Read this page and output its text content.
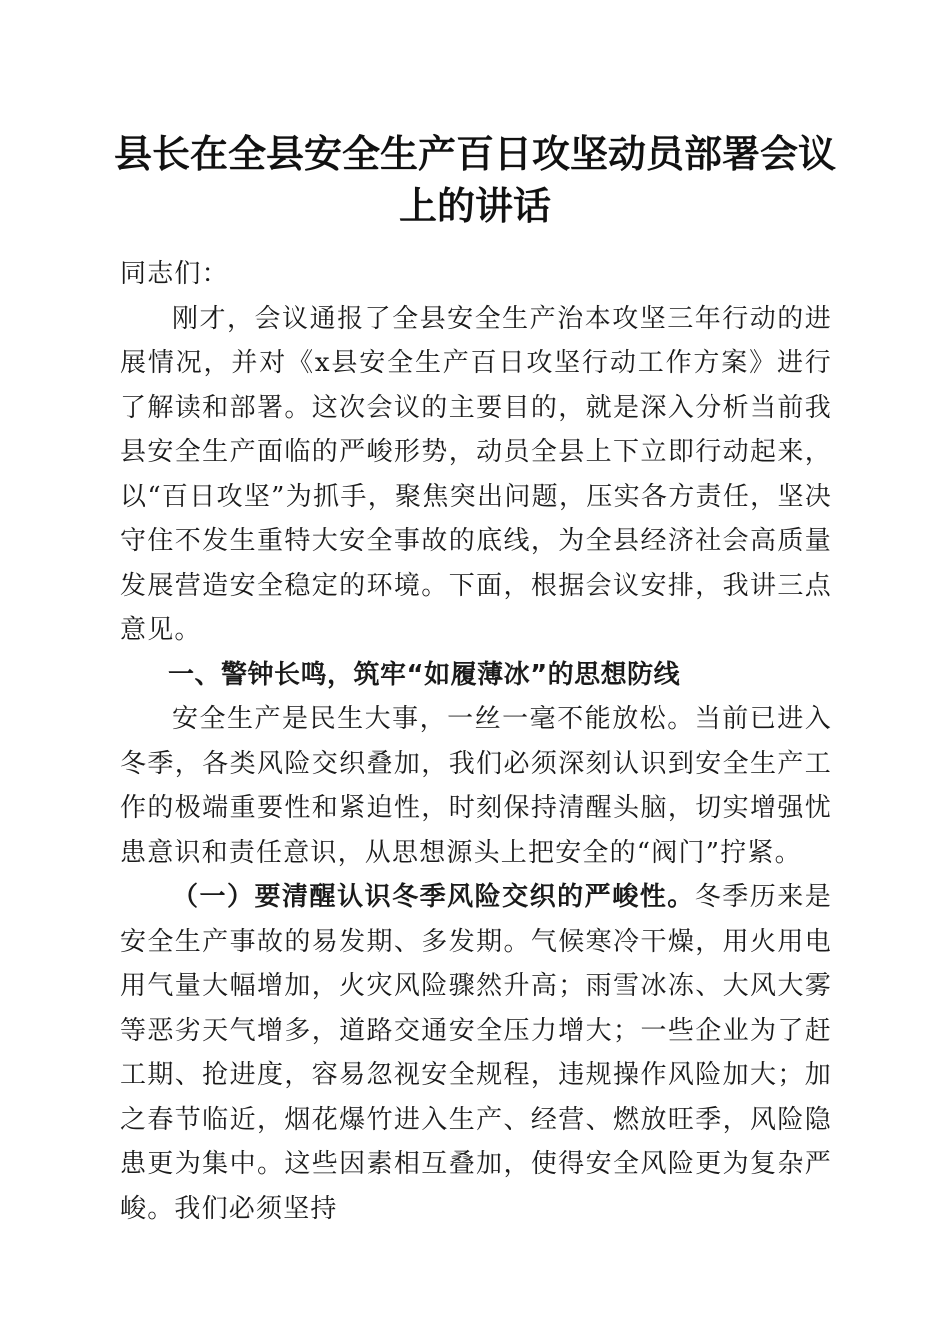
县长在全县安全生产百日攻坚动员部署会议上的讲话

同志们：

刚才，会议通报了全县安全生产治本攻坚三年行动的进展情况，并对《x县安全生产百日攻坚行动工作方案》进行了解读和部署。这次会议的主要目的，就是深入分析当前我县安全生产面临的严峻形势，动员全县上下立即行动起来，以“百日攻坚”为抓手，聚焦突出问题，压实各方责任，坚决守住不发生重特大安全事故的底线，为全县经济社会高质量发展营造安全稳定的环境。下面，根据会议安排，我讲三点意见。

一、警钟长鸣，筑牢“如履薄冰”的思想防线

安全生产是民生大事，一丝一毫不能放松。当前已进入冬季，各类风险交织叠加，我们必须深刻认识到安全生产工作的极端重要性和紧迫性，时刻保持清醒头脑，切实增强忧患意识和责任意识，从思想源头上把安全的“阀门”拧紧。

（一）要清醒认识冬季风险交织的严峻性。冬季历来是安全生产事故的易发期、多发期。气候寒冷干燥，用火用电用气量大幅增加，火灾风险骤然升高；雨雪冰冻、大风大雾等恶劣天气增多，道路交通安全压力增大；一些企业为了赶工期、抢进度，容易忽视安全规程，违规操作风险加大；加之春节临近，烟花爆竹进入生产、经营、燃放旺季，风险隐患更为集中。这些因素相互叠加，使得安全风险更为复杂严峻。我们必须坚持
